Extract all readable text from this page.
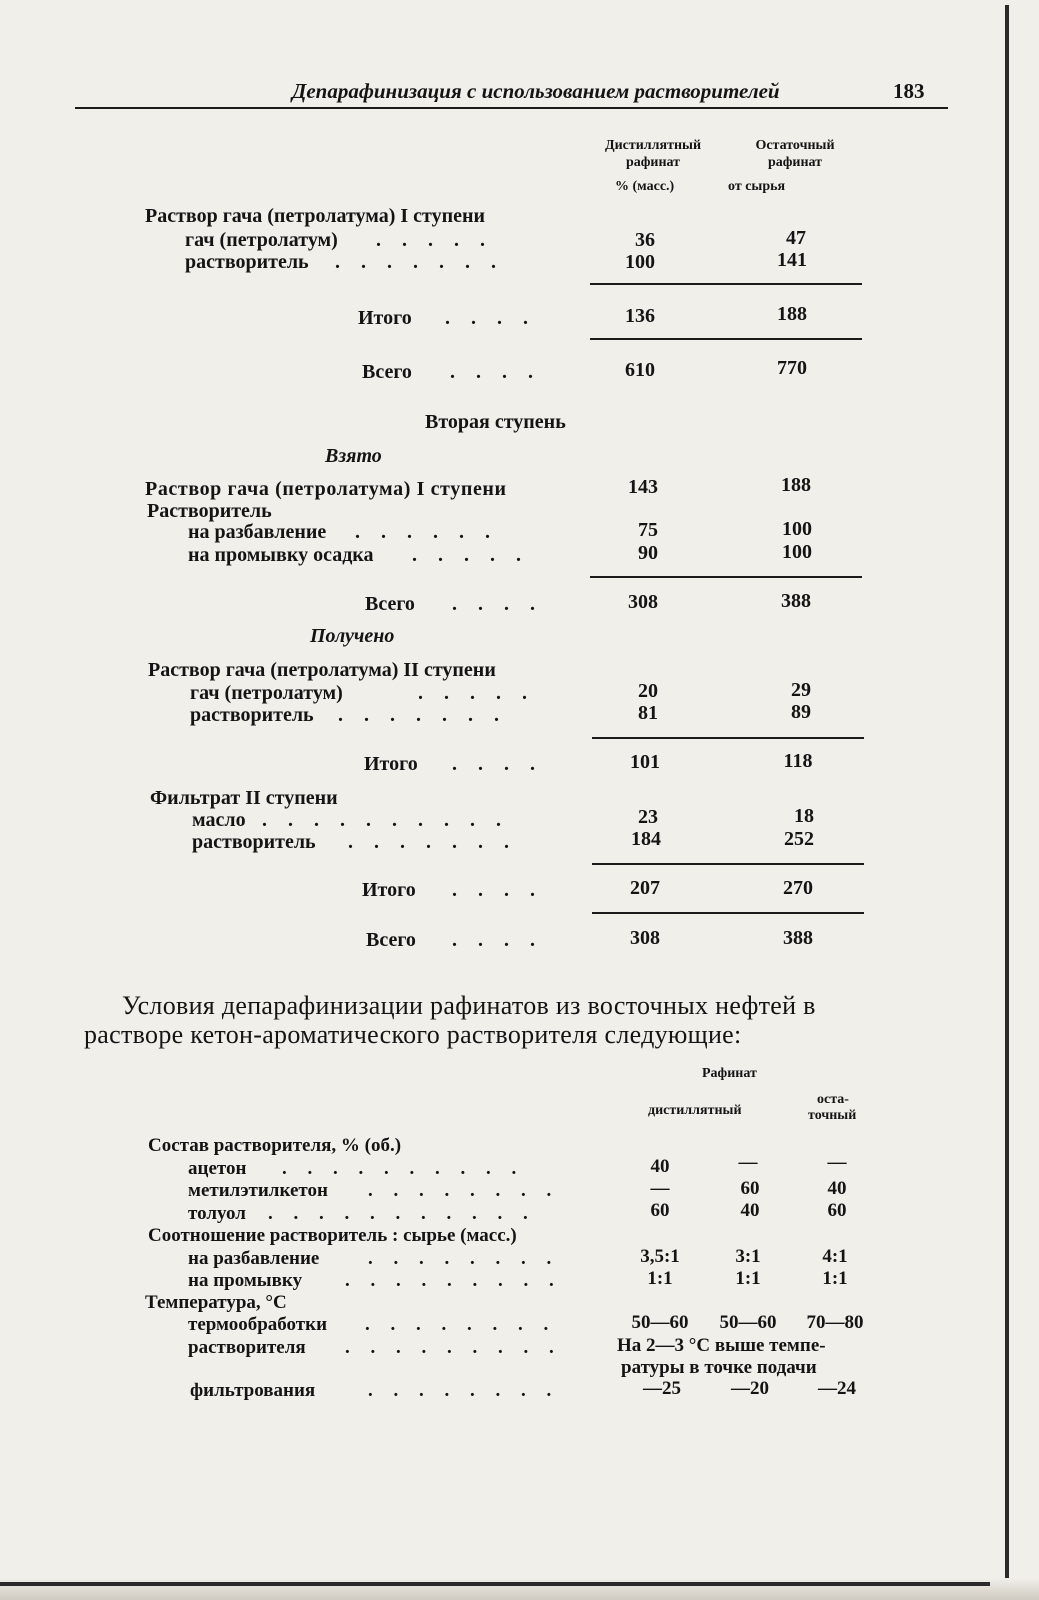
Депарафинизация с использованием растворителей	183
Дистиллятный рафинат
Остаточный рафинат
% (масс.)	от сырья
Раствор гача (петролатума) I ступени
гач (петролатум) . . . . .	36	47
растворитель . . . . . . .	100	141
Итого . . . .	136	188
Всего . . . .	610	770
Вторая ступень
Взято
Раствор гача (петролатума) I ступени	143	188
Растворитель
на разбавление . . . . . .	75	100
на промывку осадка . . . . .	90	100
Всего . . . .	308	388
Получено
Раствор гача (петролатума) II ступени
гач (петролатум)	. . . . .	20	29
растворитель . . . . . . .	81	89
Итого . . . .	101	118
Фильтрат II ступени
масло . . . . . . . . . .	23	18
растворитель . . . . . . .	184	252
Итого . . . .	207	270
Всего . . . .	308	388
Условия депарафинизации рафинатов из восточных нефтей в
растворе кетон-ароматического растворителя следующие:
Рафинат
дистиллятный
оста-
точный
Состав растворителя, % (об.)
ацетон . . . . . . . . . .	40	—	—
метилэтилкетон . . . . . . . .	—	60	40
толуол . . . . . . . . . . .	60	40	60
Соотношение растворитель : сырье (масс.)
на разбавление	. . . . . . . .	3,5:1	3:1	4:1
на промывку . . . . . . . . .	1:1	1:1	1:1
Температура, °С
термообработки . . . . . . . .	50—60	50—60	70—80
растворителя . . . . . . . . .	На 2—3 °С выше темпе-
ратуры в точке подачи
фильтрования	. . . . . . . .	—25	—20	—24
